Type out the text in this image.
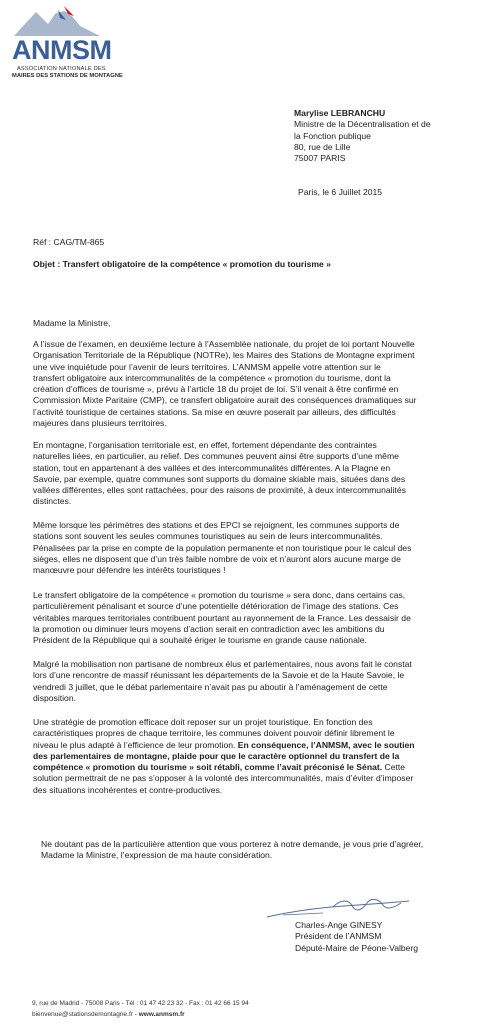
ANMSM
ASSOCIATION NATIONALE DES
MAIRES DES STATIONS DE MONTAGNE
Marylise LEBRANCHU
Ministre de la Décentralisation et de
la Fonction publique
80, rue de Lille
75007 PARIS
Paris, le 6 Juillet 2015
Réf : CAG/TM-865
Objet : Transfert obligatoire de la compétence « promotion du tourisme »
Madame la Ministre,
A l’issue de l’examen, en deuxième lecture à l’Assemblée nationale, du projet de loi portant Nouvelle
Organisation Territoriale de la République (NOTRe), les Maires des Stations de Montagne expriment
une vive inquiétude pour l’avenir de leurs territoires. L’ANMSM appelle votre attention sur le
transfert obligatoire aux intercommunalités de la compétence « promotion du tourisme, dont la
création d’offices de tourisme », prévu à l’article 18 du projet de loi. S’il venait à être confirmé en
Commission Mixte Paritaire (CMP), ce transfert obligatoire aurait des conséquences dramatiques sur
l’activité touristique de certaines stations. Sa mise en œuvre poserait par ailleurs, des difficultés
majeures dans plusieurs territoires.
En montagne, l’organisation territoriale est, en effet, fortement dépendante des contraintes
naturelles liées, en particulier, au relief. Des communes peuvent ainsi être supports d’une même
station, tout en appartenant à des vallées et des intercommunalités différentes. A la Plagne en
Savoie, par exemple, quatre communes sont supports du domaine skiable mais, situées dans des
vallées différentes, elles sont rattachées, pour des raisons de proximité, à deux intercommunalités
distinctes.
Même lorsque les périmètres des stations et des EPCI se rejoignent, les communes supports de
stations sont souvent les seules communes touristiques au sein de leurs intercommunalités.
Pénalisées par la prise en compte de la population permanente et non touristique pour le calcul des
sièges, elles ne disposent que d’un très faible nombre de voix et n’auront alors aucune marge de
manœuvre pour défendre les intérêts touristiques !
Le transfert obligatoire de la compétence « promotion du tourisme » sera donc, dans certains cas,
particulièrement pénalisant et source d’une potentielle détérioration de l’image des stations. Ces
véritables marques territoriales contribuent pourtant au rayonnement de la France. Les dessaisir de
la promotion ou diminuer leurs moyens d’action serait en contradiction avec les ambitions du
Président de la République qui a souhaité ériger le tourisme en grande cause nationale.
Malgré la mobilisation non partisane de nombreux élus et parlementaires, nous avons fait le constat
lors d’une rencontre de massif réunissant les départements de la Savoie et de la Haute Savoie, le
vendredi 3 juillet, que le débat parlementaire n’avait pas pu aboutir à l’aménagement de cette
disposition.
Une stratégie de promotion efficace doit reposer sur un projet touristique. En fonction des
caractéristiques propres de chaque territoire, les communes doivent pouvoir définir librement le
niveau le plus adapté à l’efficience de leur promotion. En conséquence, l’ANMSM, avec le soutien
des parlementaires de montagne, plaide pour que le caractère optionnel du transfert de la
compétence « promotion du tourisme » soit rétabli, comme l’avait préconisé le Sénat. Cette
solution permettrait de ne pas s’opposer à la volonté des intercommunalités, mais d’éviter d’imposer
des situations incohérentes et contre-productives.
Ne doutant pas de la particulière attention que vous porterez à notre demande, je vous prie d’agréer,
Madame la Ministre, l’expression de ma haute considération.
Charles-Ange GINESY
Président de l’ANMSM
Député-Maire de Péone-Valberg
9, rue de Madrid - 75008 Paris - Tél : 01 47 42 23 32 - Fax : 01 42 66 15 94
bienvenue@stationsdemontagne.fr - www.anmsm.fr
